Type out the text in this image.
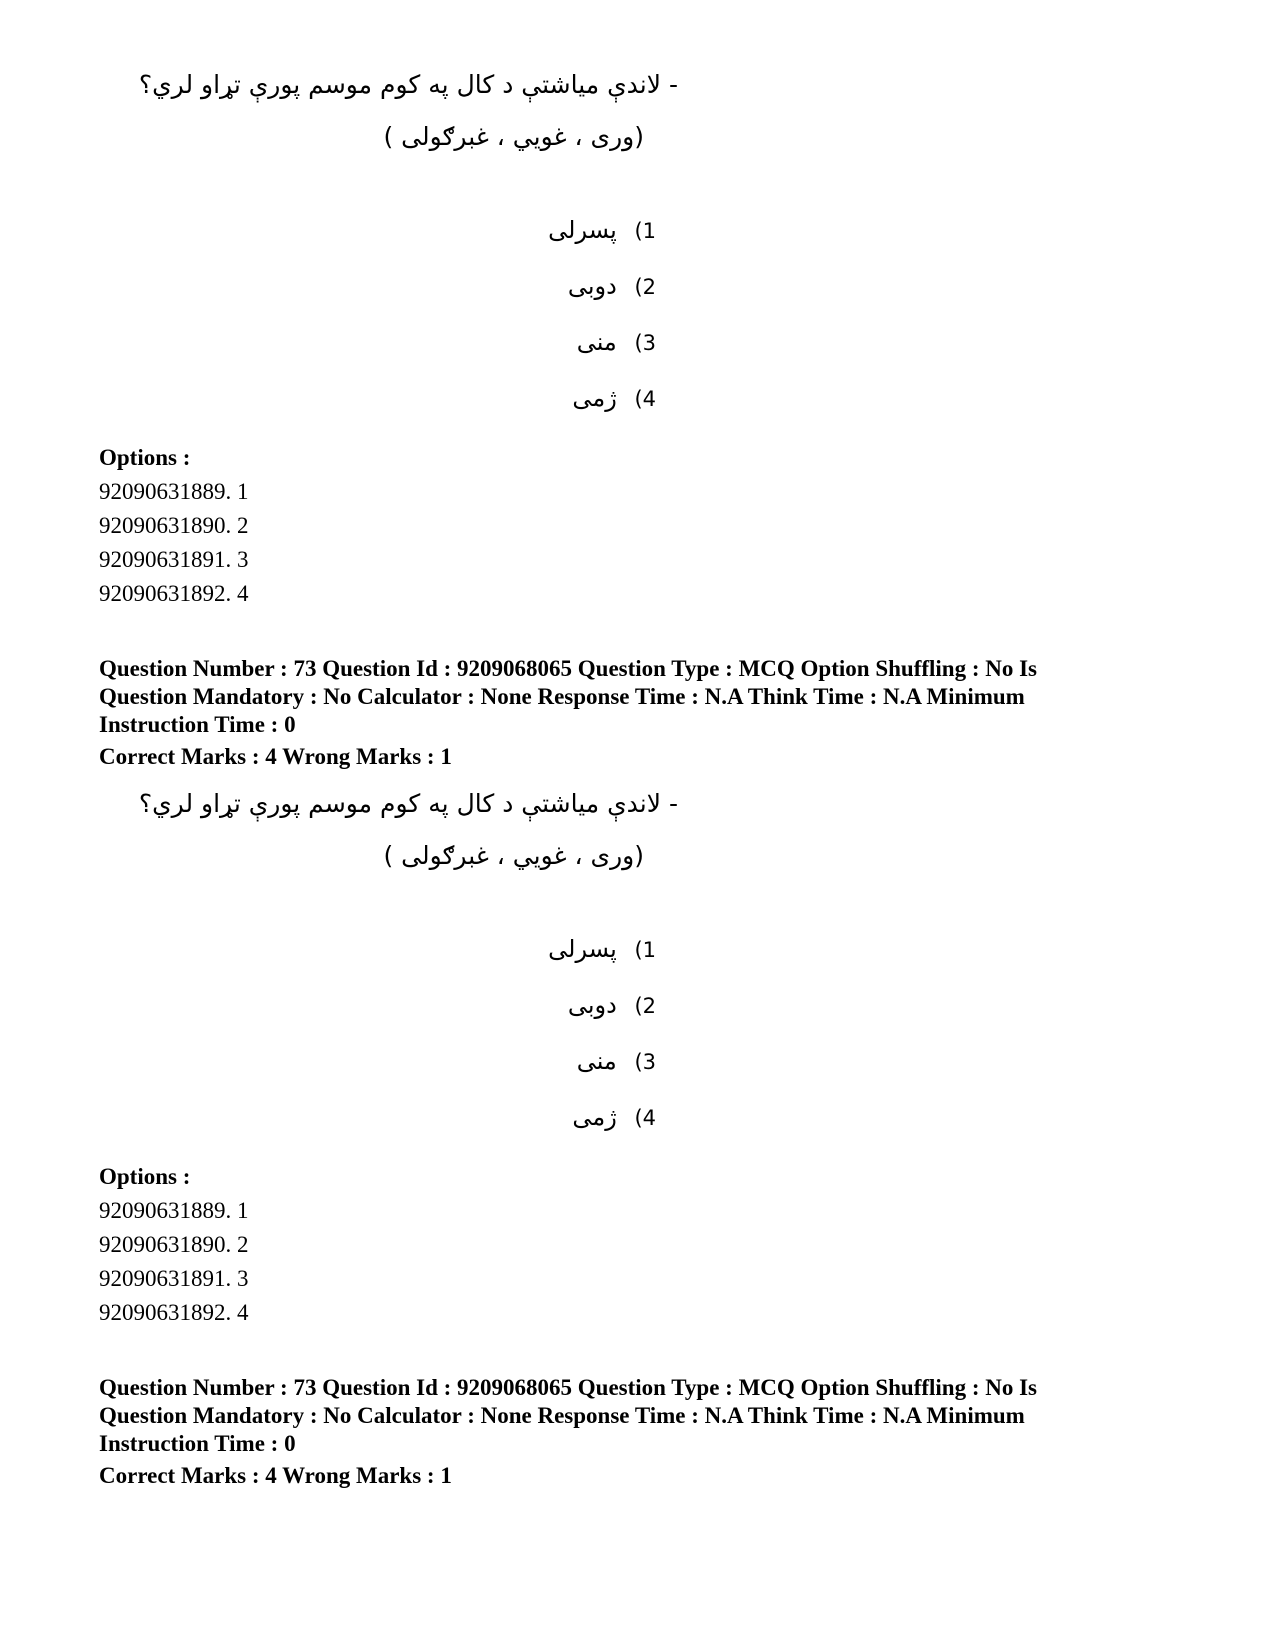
- لاندې میاشتې د کال په کوم موسم پورې تړاو لري؟
(ورى ، غويي ، غبرګولی )
پسرلی (1
دوبی (2
منی (3
ژمی (4
Options :
92090631889. 1
92090631890. 2
92090631891. 3
92090631892. 4
Question Number : 73 Question Id : 9209068065 Question Type : MCQ Option Shuffling : No Is
Question Mandatory : No Calculator : None Response Time : N.A Think Time : N.A Minimum
Instruction Time : 0
Correct Marks : 4 Wrong Marks : 1
- لاندې میاشتې د کال په کوم موسم پورې تړاو لري؟
(ورى ، غويي ، غبرګولی )
پسرلی (1
دوبی (2
منی (3
ژمی (4
Options :
92090631889. 1
92090631890. 2
92090631891. 3
92090631892. 4
Question Number : 73 Question Id : 9209068065 Question Type : MCQ Option Shuffling : No Is
Question Mandatory : No Calculator : None Response Time : N.A Think Time : N.A Minimum
Instruction Time : 0
Correct Marks : 4 Wrong Marks : 1
